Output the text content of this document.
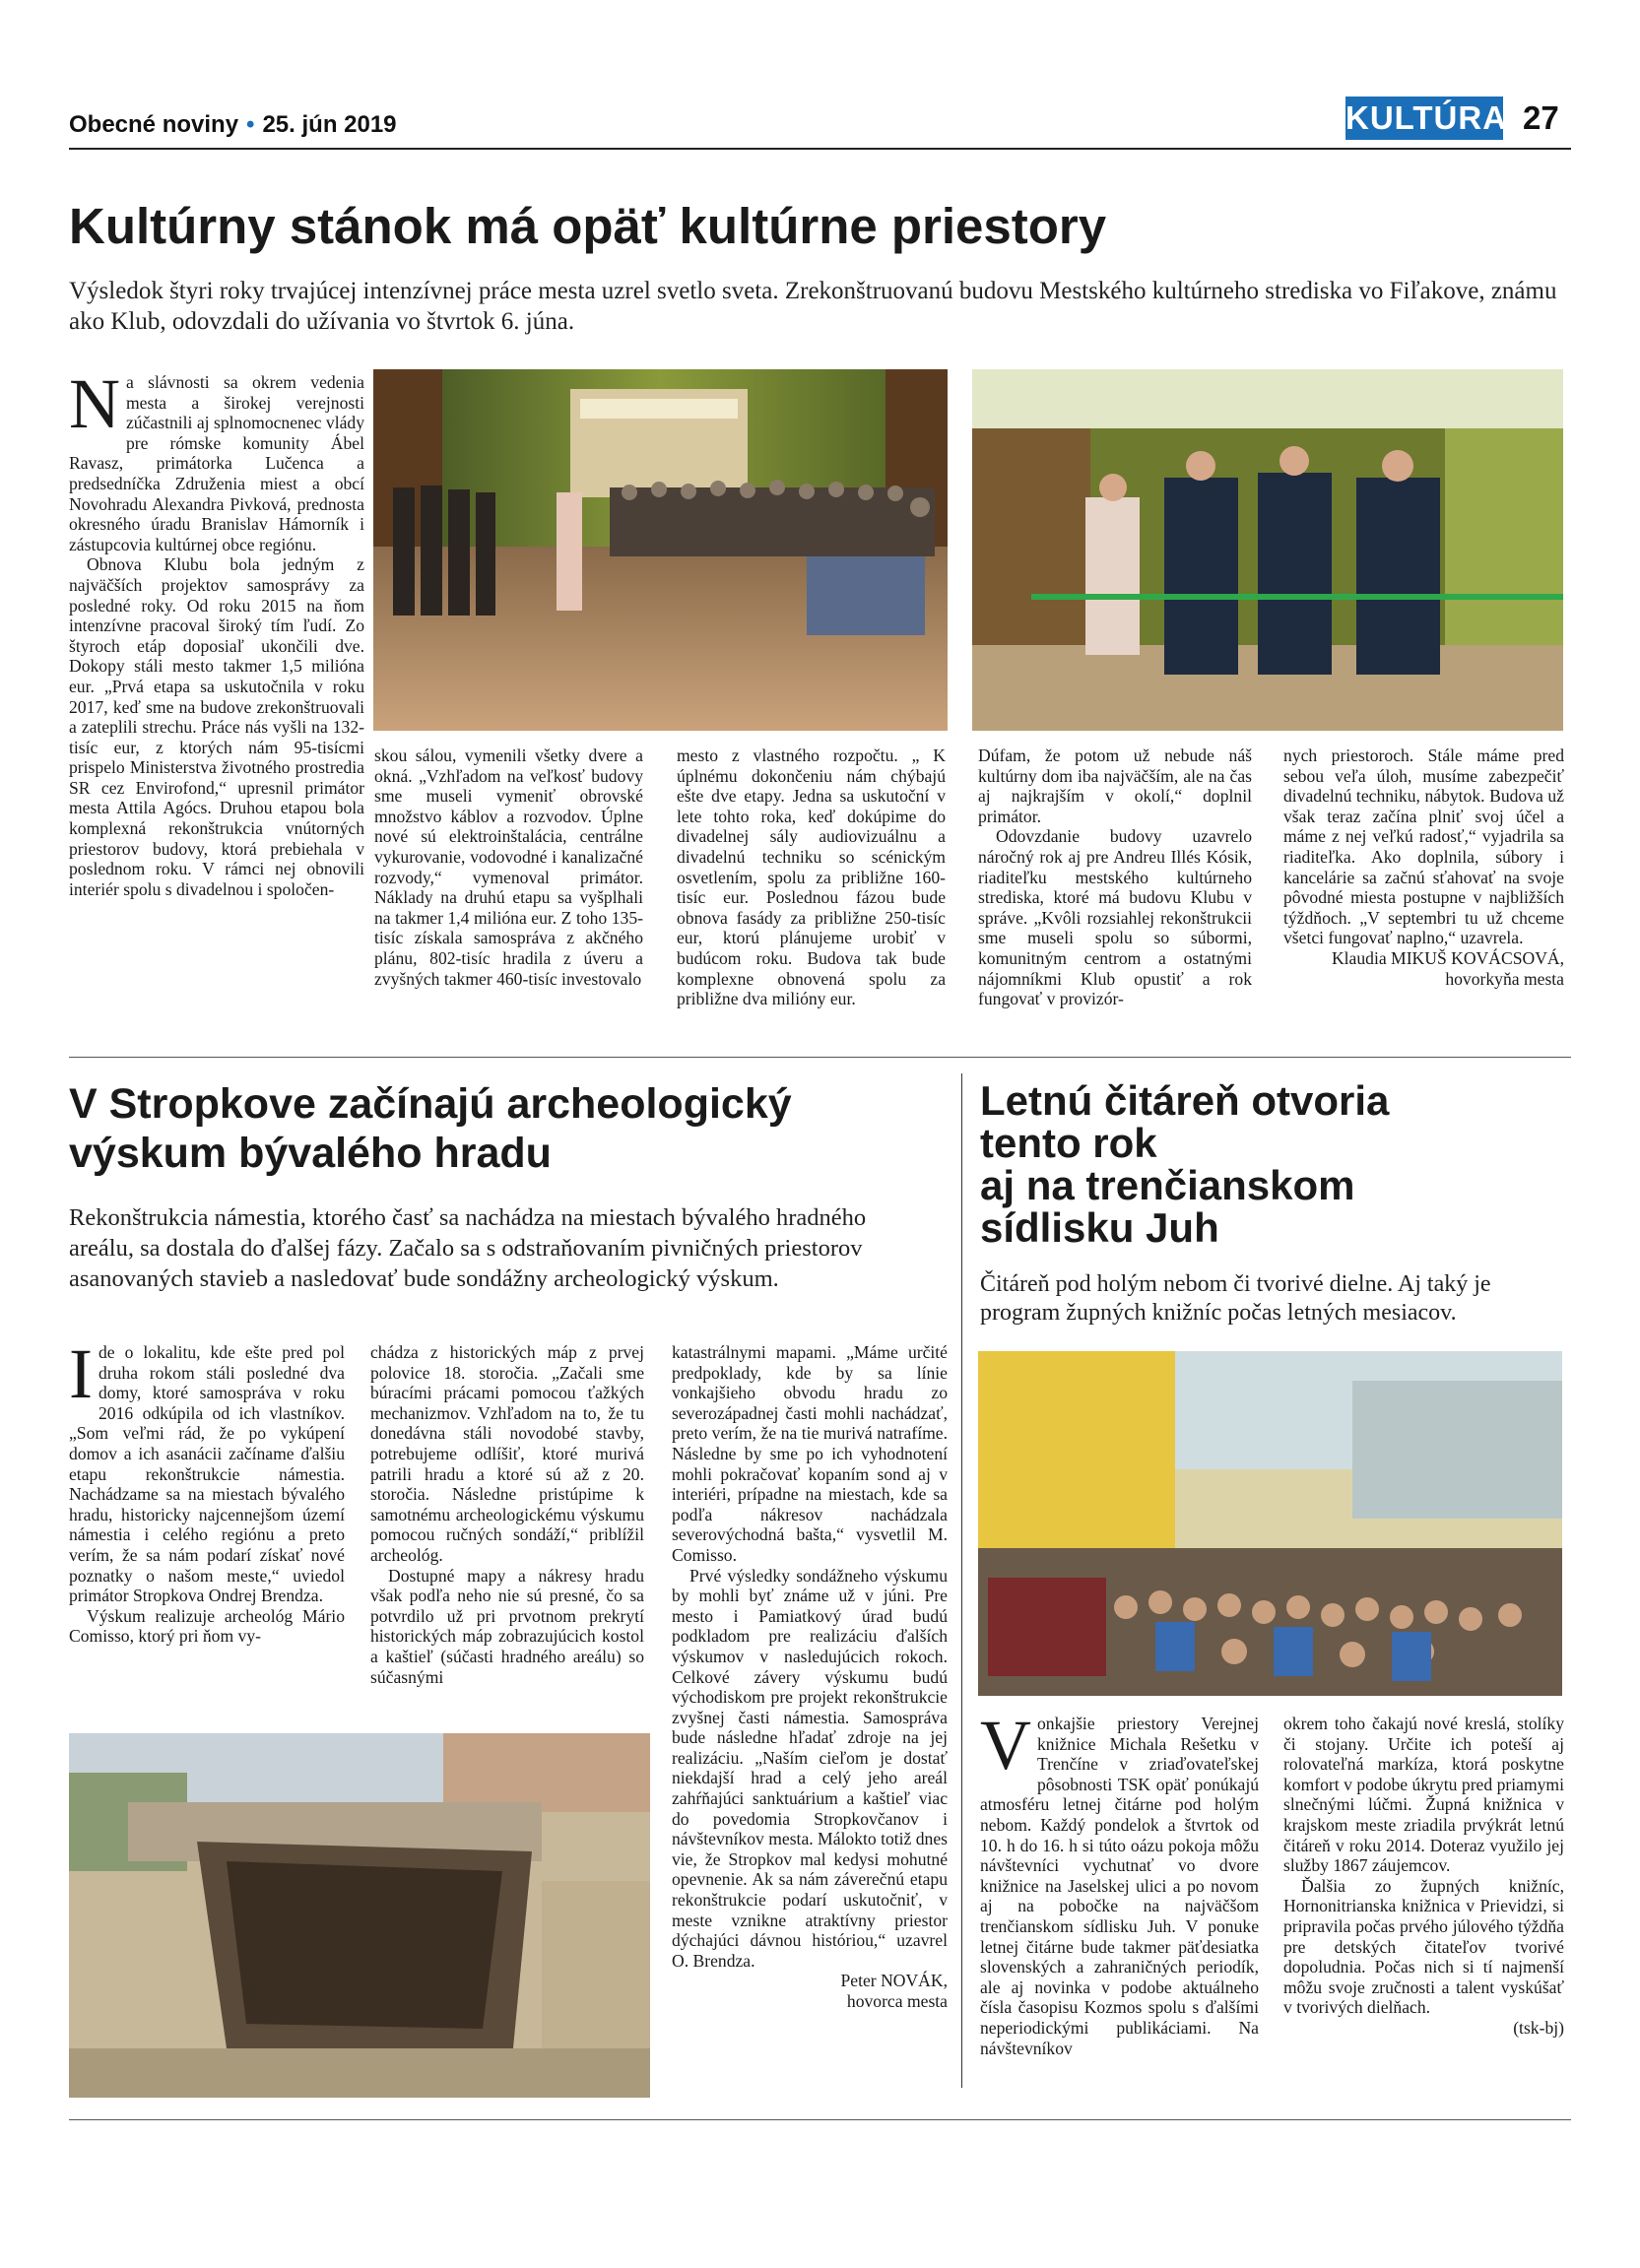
Obecné noviny • 25. jún 2019	KULTÚRA 27
Kultúrny stánok má opäť kultúrne priestory
Výsledok štyri roky trvajúcej intenzívnej práce mesta uzrel svetlo sveta. Zrekonštruovanú budovu Mestského kultúrneho strediska vo Fiľakove, známu ako Klub, odovzdali do užívania vo štvrtok 6. júna.

Na slávnosti sa okrem vedenia mesta a širokej verejnosti zúčastnili aj splnomocnenec vlády pre rómske komunity Ábel Ravasz, primátorka Lučenca a predsedníčka Združenia miest a obcí Novohradu Alexandra Pivková, prednosta okresného úradu Branislav Hámorník i zástupcovia kultúrnej obce regiónu.

Obnova Klubu bola jedným z najväčších projektov samosprávy za posledné roky. Od roku 2015 na ňom intenzívne pracoval široký tím ľudí. Zo štyroch etáp doposiaľ ukončili dve. Dokopy stáli mesto takmer 1,5 milióna eur. „Prvá etapa sa uskutočnila v roku 2017, keď sme na budove zrekonštruovali a zateplili strechu. Práce nás vyšli na 132-tisíc eur, z ktorých nám 95-tisícmi prispelo Ministerstva životného prostredia SR cez Envirofond,“ upresnil primátor mesta Attila Agócs. Druhou etapou bola komplexná rekonštrukcia vnútorných priestorov budovy, ktorá prebiehala v poslednom roku. V rámci nej obnovili interiér spolu s divadelnou i spoločen-

skou sálou, vymenili všetky dvere a okná. „Vzhľadom na veľkosť budovy sme museli vymeniť obrovské množstvo káblov a rozvodov. Úplne nové sú elektroinštalácia, centrálne vykurovanie, vodovodné i kanalizačné rozvody,“ vymenoval primátor. Náklady na druhú etapu sa vyšplhali na takmer 1,4 milióna eur. Z toho 135-tisíc získala samospráva z akčného plánu, 802-tisíc hradila z úveru a zvyšných takmer 460-tisíc investovalo

mesto z vlastného rozpočtu. „ K úplnému dokončeniu nám chýbajú ešte dve etapy. Jedna sa uskutoční v lete tohto roka, keď dokúpime do divadelnej sály audiovizuálnu a divadelnú techniku so scénickým osvetlením, spolu za približne 160-tisíc eur. Poslednou fázou bude obnova fasády za približne 250-tisíc eur, ktorú plánujeme urobiť v budúcom roku. Budova tak bude komplexne obnovená spolu za približne dva milióny eur.

Dúfam, že potom už nebude náš kultúrny dom iba najväčším, ale na čas aj najkrajším v okolí,“ doplnil primátor.

Odovzdanie budovy uzavrelo náročný rok aj pre Andreu Illés Kósik, riaditeľku mestského kultúrneho strediska, ktoré má budovu Klubu v správe. „Kvôli rozsiahlej rekonštrukcii sme museli spolu so súbormi, komunitným centrom a ostatnými nájomníkmi Klub opustiť a rok fungovať v provizór-

nych priestoroch. Stále máme pred sebou veľa úloh, musíme zabezpečiť divadelnú techniku, nábytok. Budova už však teraz začína plniť svoj účel a máme z nej veľkú radosť,“ vyjadrila sa riaditeľka. Ako doplnila, súbory i kancelárie sa začnú sťahovať na svoje pôvodné miesta postupne v najbližších týždňoch. „V septembri tu už chceme všetci fungovať naplno,“ uzavrela.

Klaudia MIKUŠ KOVÁCSOVÁ,
hovorkyňa mesta
V Stropkove začínajú archeologický
výskum bývalého hradu
Rekonštrukcia námestia, ktorého časť sa nachádza na miestach bývalého hradného areálu, sa dostala do ďalšej fázy. Začalo sa s odstraňovaním pivničných priestorov asanovaných stavieb a nasledovať bude sondážny archeologický výskum.

Ide o lokalitu, kde ešte pred pol druha rokom stáli posledné dva domy, ktoré samospráva v roku 2016 odkúpila od ich vlastníkov. „Som veľmi rád, že po vykúpení domov a ich asanácii začíname ďalšiu etapu rekonštrukcie námestia. Nachádzame sa na miestach bývalého hradu, historicky najcennejšom území námestia i celého regiónu a preto verím, že sa nám podarí získať nové poznatky o našom meste,“ uviedol primátor Stropkova Ondrej Brendza.

Výskum realizuje archeológ Mário Comisso, ktorý pri ňom vy-

chádza z historických máp z prvej polovice 18. storočia. „Začali sme búracími prácami pomocou ťažkých mechanizmov. Vzhľadom na to, že tu donedávna stáli novodobé stavby, potrebujeme odlíšiť, ktoré murivá patrili hradu a ktoré sú až z 20. storočia. Následne pristúpime k samotnému archeologickému výskumu pomocou ručných sondáží,“ priblížil archeológ.

Dostupné mapy a nákresy hradu však podľa neho nie sú presné, čo sa potvrdilo už pri prvotnom prekrytí historických máp zobrazujúcich kostol a kaštieľ (súčasti hradného areálu) so súčasnými

katastrálnymi mapami. „Máme určité predpoklady, kde by sa línie vonkajšieho obvodu hradu zo severozápadnej časti mohli nachádzať, preto verím, že na tie murivá natrafíme. Následne by sme po ich vyhodnotení mohli pokračovať kopaním sond aj v interiéri, prípadne na miestach, kde sa podľa nákresov nachádzala severovýchodná bašta,“ vysvetlil M. Comisso.

Prvé výsledky sondážneho výskumu by mohli byť známe už v júni. Pre mesto i Pamiatkový úrad budú podkladom pre realizáciu ďalších výskumov v nasledujúcich rokoch. Celkové závery výskumu budú východiskom pre projekt rekonštrukcie zvyšnej časti námestia. Samospráva bude následne hľadať zdroje na jej realizáciu. „Naším cieľom je dostať niekdajší hrad a celý jeho areál zahŕňajúci sanktuárium a kaštieľ viac do povedomia Stropkovčanov i návštevníkov mesta. Málokto totiž dnes vie, že Stropkov mal kedysi mohutné opevnenie. Ak sa nám záverečnú etapu rekonštrukcie podarí uskutočniť, v meste vznikne atraktívny priestor dýchajúci dávnou históriou,“ uzavrel O. Brendza.

Peter NOVÁK,
hovorca mesta
Letnú čitáreň otvoria
tento rok
aj na trenčianskom
sídlisku Juh
Čitáreň pod holým nebom či tvorivé dielne. Aj taký je program župných knižníc počas letných mesiacov.

Vonkajšie priestory Verejnej knižnice Michala Rešetku v Trenčíne v zriaďovateľskej pôsobnosti TSK opäť ponúkajú atmosféru letnej čitárne pod holým nebom. Každý pondelok a štvrtok od 10. h do 16. h si túto oázu pokoja môžu návštevníci vychutnať vo dvore knižnice na Jaselskej ulici a po novom aj na pobočke na najväčšom trenčianskom sídlisku Juh. V ponuke letnej čitárne bude takmer päťdesiatka slovenských a zahraničných periodík, ale aj novinka v podobe aktuálneho čísla časopisu Kozmos spolu s ďalšími neperiodickými publikáciami. Na návštevníkov

okrem toho čakajú nové kreslá, stolíky či stojany. Určite ich poteší aj rolovateľná markíza, ktorá poskytne komfort v podobe úkrytu pred priamymi slnečnými lúčmi. Župná knižnica v krajskom meste zriadila prvýkrát letnú čitáreň v roku 2014. Doteraz využilo jej služby 1867 záujemcov.

Ďalšia zo župných knižníc, Hornonitrianska knižnica v Prievidzi, si pripravila počas prvého júlového týždňa pre detských čitateľov tvorivé dopoludnia. Počas nich si tí najmenší môžu svoje zručnosti a talent vyskúšať v tvorivých dielňach.

(tsk-bj)
